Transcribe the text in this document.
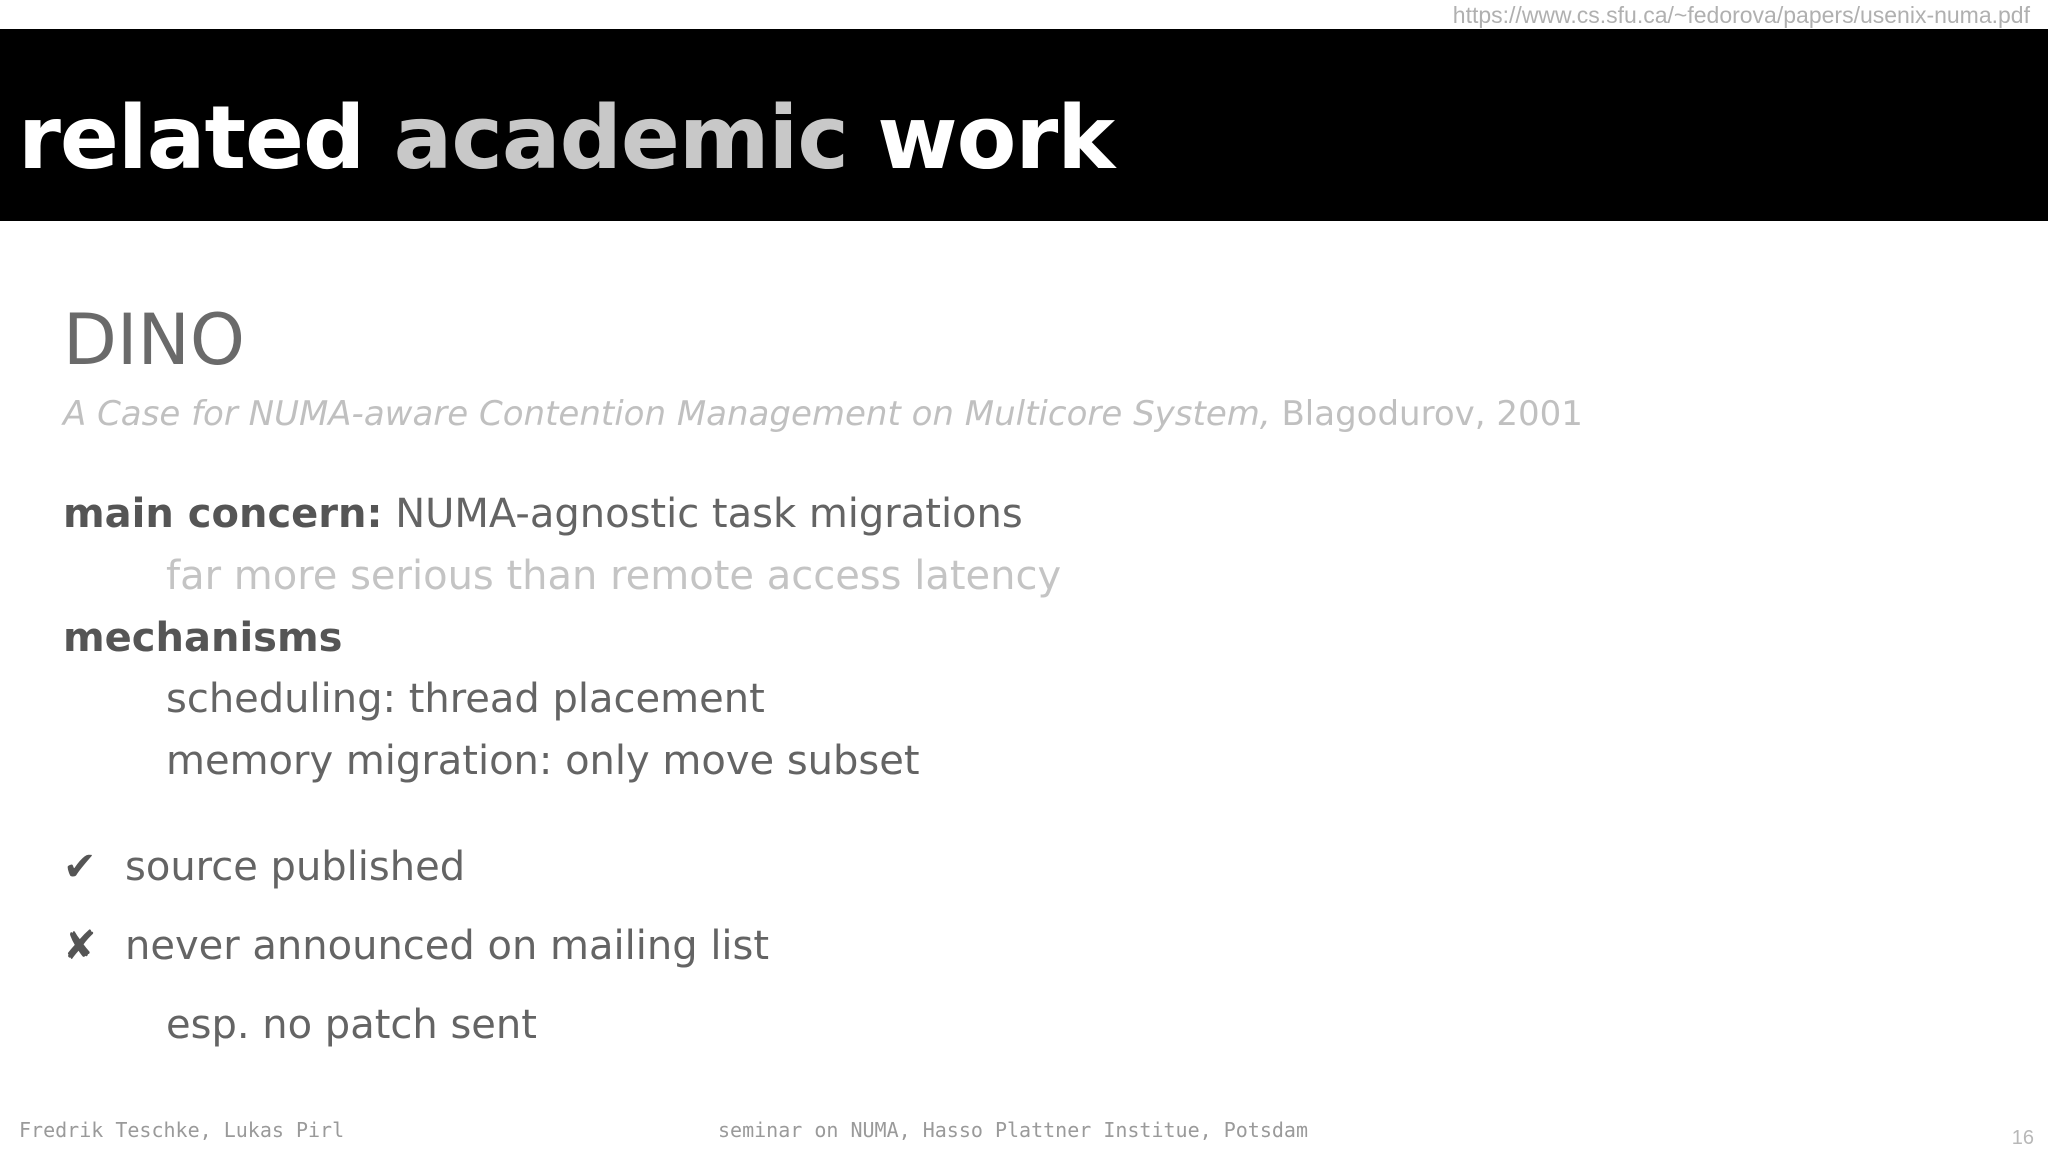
https://www.cs.sfu.ca/~fedorova/papers/usenix-numa.pdf
related academic work
DINO
A Case for NUMA-aware Contention Management on Multicore System, Blagodurov, 2001
main concern: NUMA-agnostic task migrations
far more serious than remote access latency
mechanisms
scheduling: thread placement
memory migration: only move subset
✔ source published
✘ never announced on mailing list
esp. no patch sent
Fredrik Teschke, Lukas Pirl	seminar on NUMA, Hasso Plattner Institue, Potsdam	16
